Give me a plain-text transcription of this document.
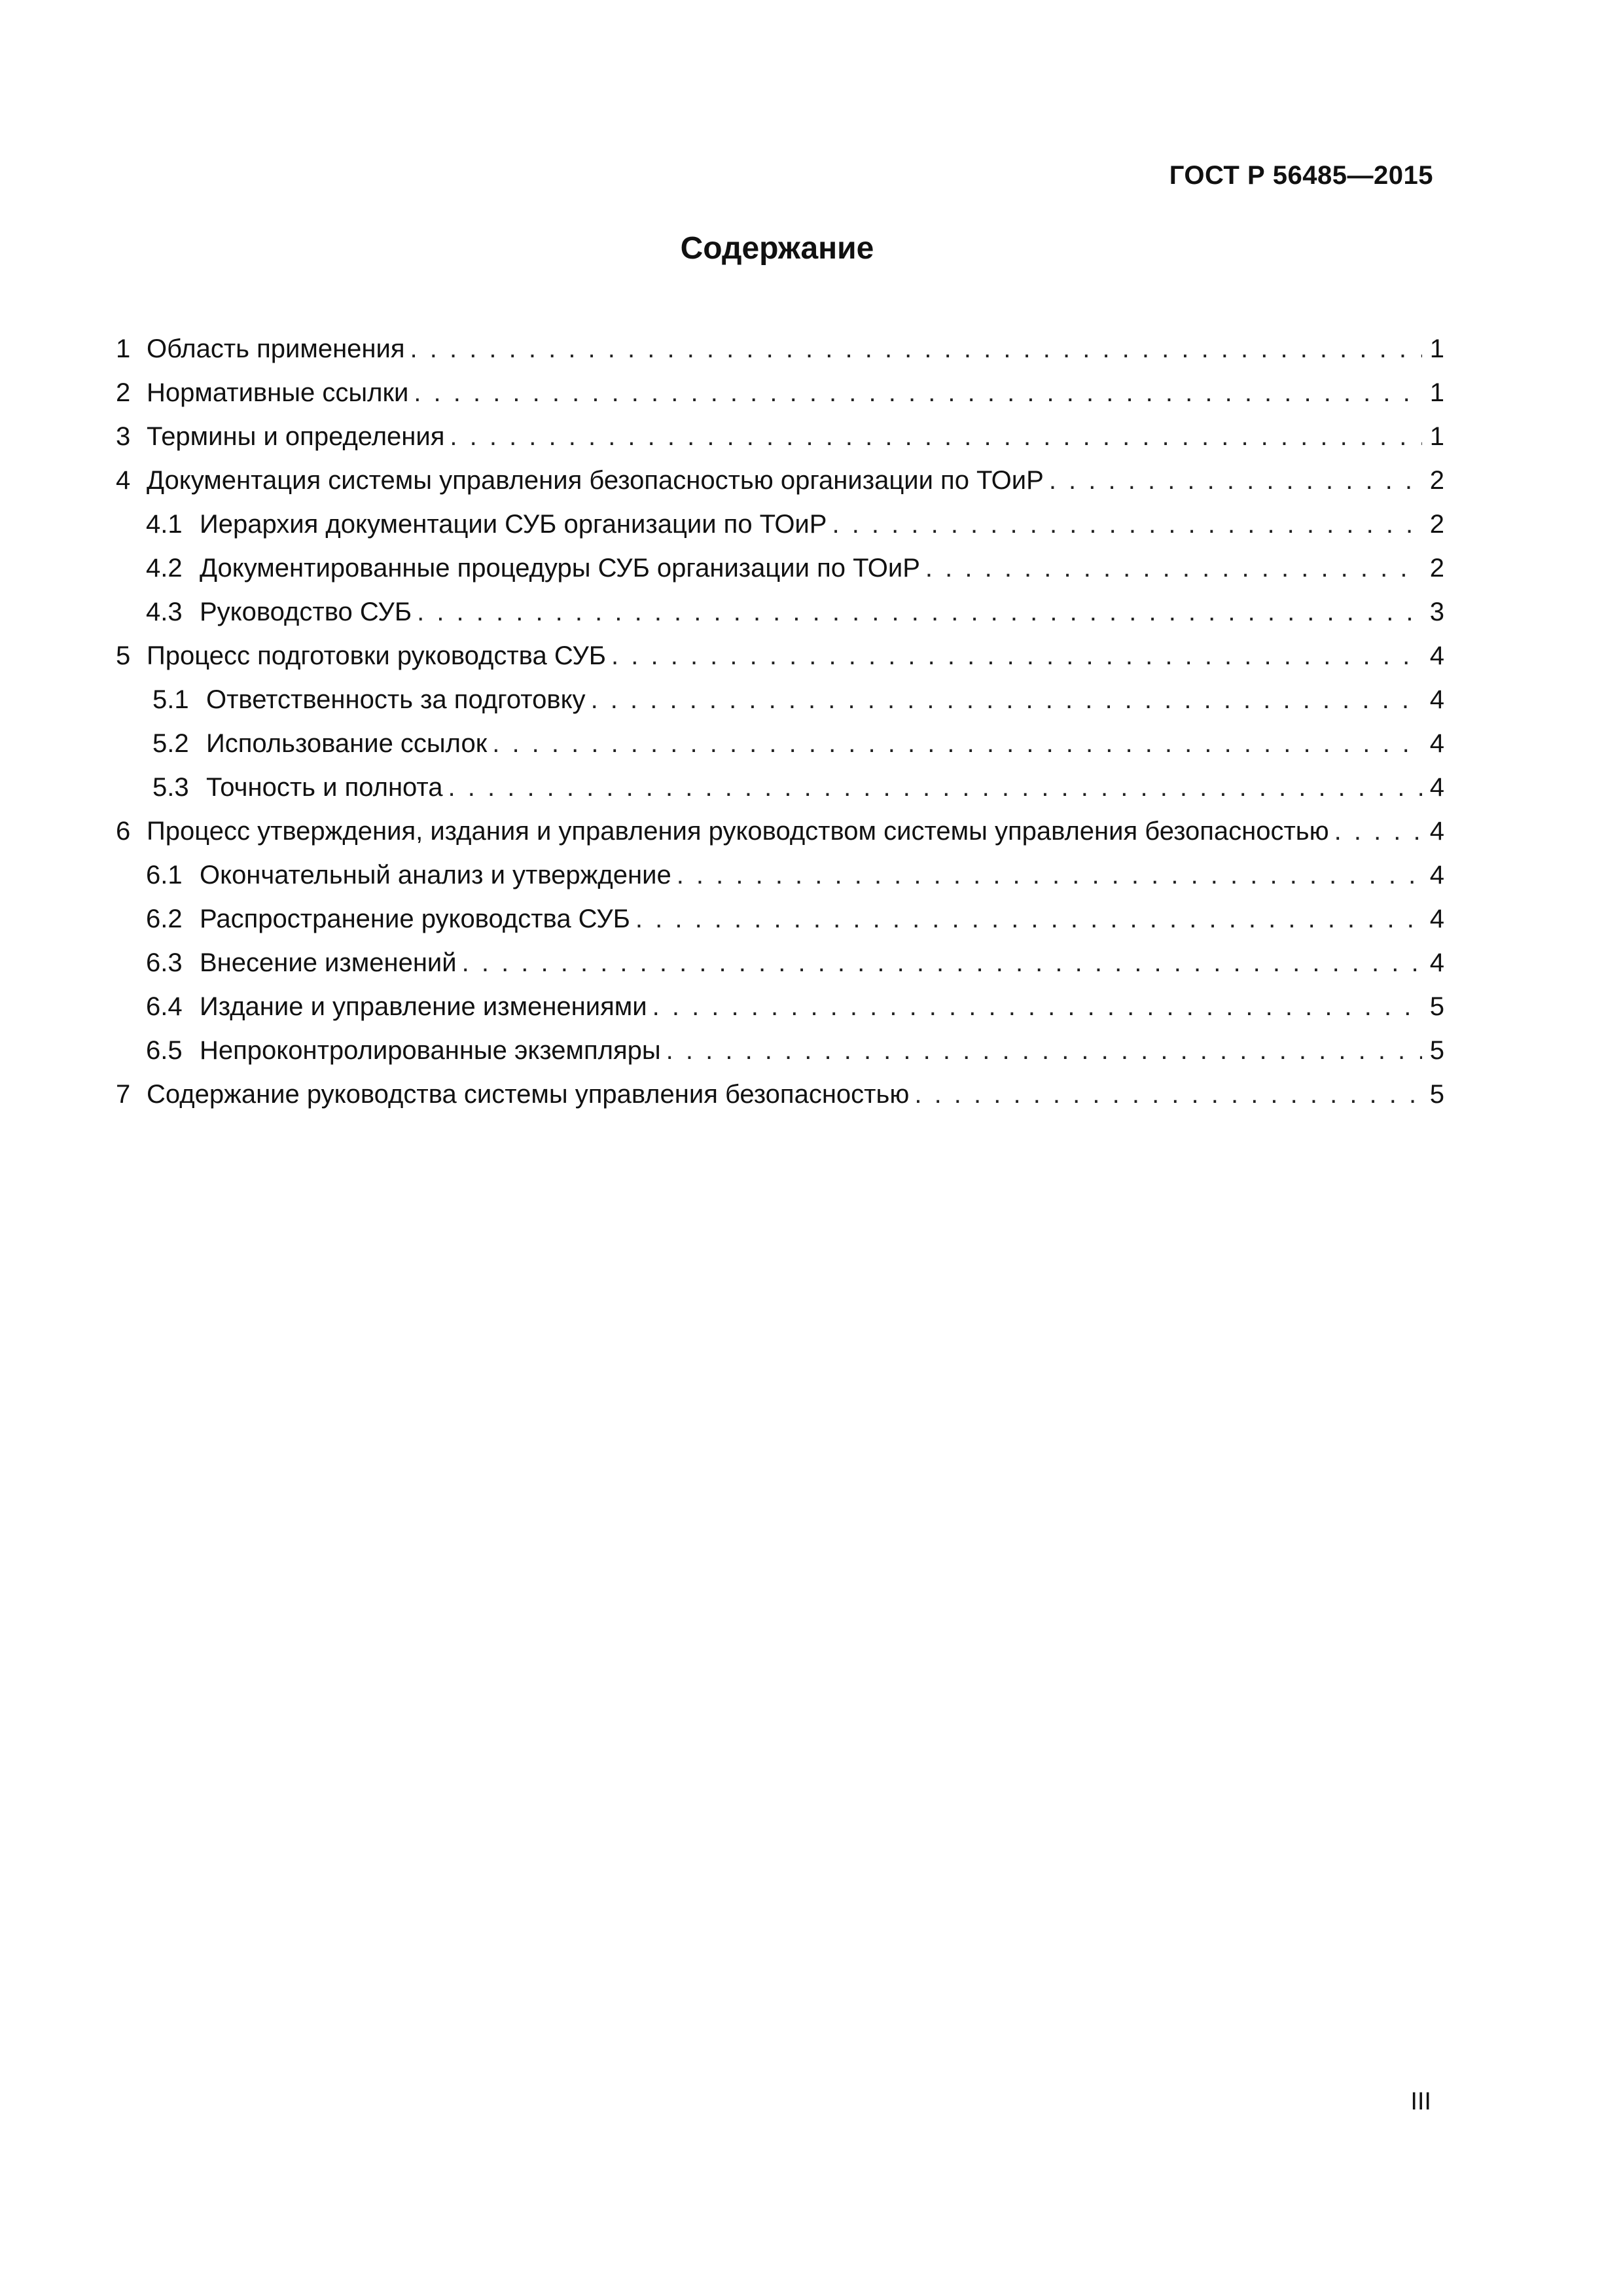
ГОСТ Р 56485—2015
Содержание
1 Область применения . . .	1
2 Нормативные ссылки . . .	1
3 Термины и определения . . .	1
4 Документация системы управления безопасностью организации по ТОиР . . .	2
4.1 Иерархия документации СУБ организации по ТОиР . . .	2
4.2 Документированные процедуры СУБ организации по ТОиР . . .	2
4.3 Руководство СУБ . . .	3
5 Процесс подготовки руководства СУБ . . .	4
5.1 Ответственность за подготовку . . .	4
5.2 Использование ссылок . . .	4
5.3 Точность и полнота . . .	4
6 Процесс утверждения, издания и управления руководством системы управления безопасностью . . .	4
6.1 Окончательный анализ и утверждение . . .	4
6.2 Распространение руководства СУБ . . .	4
6.3 Внесение изменений . . .	4
6.4 Издание и управление изменениями . . .	5
6.5 Непроконтролированные экземпляры . . .	5
7 Содержание руководства системы управления безопасностью . . .	5
III
